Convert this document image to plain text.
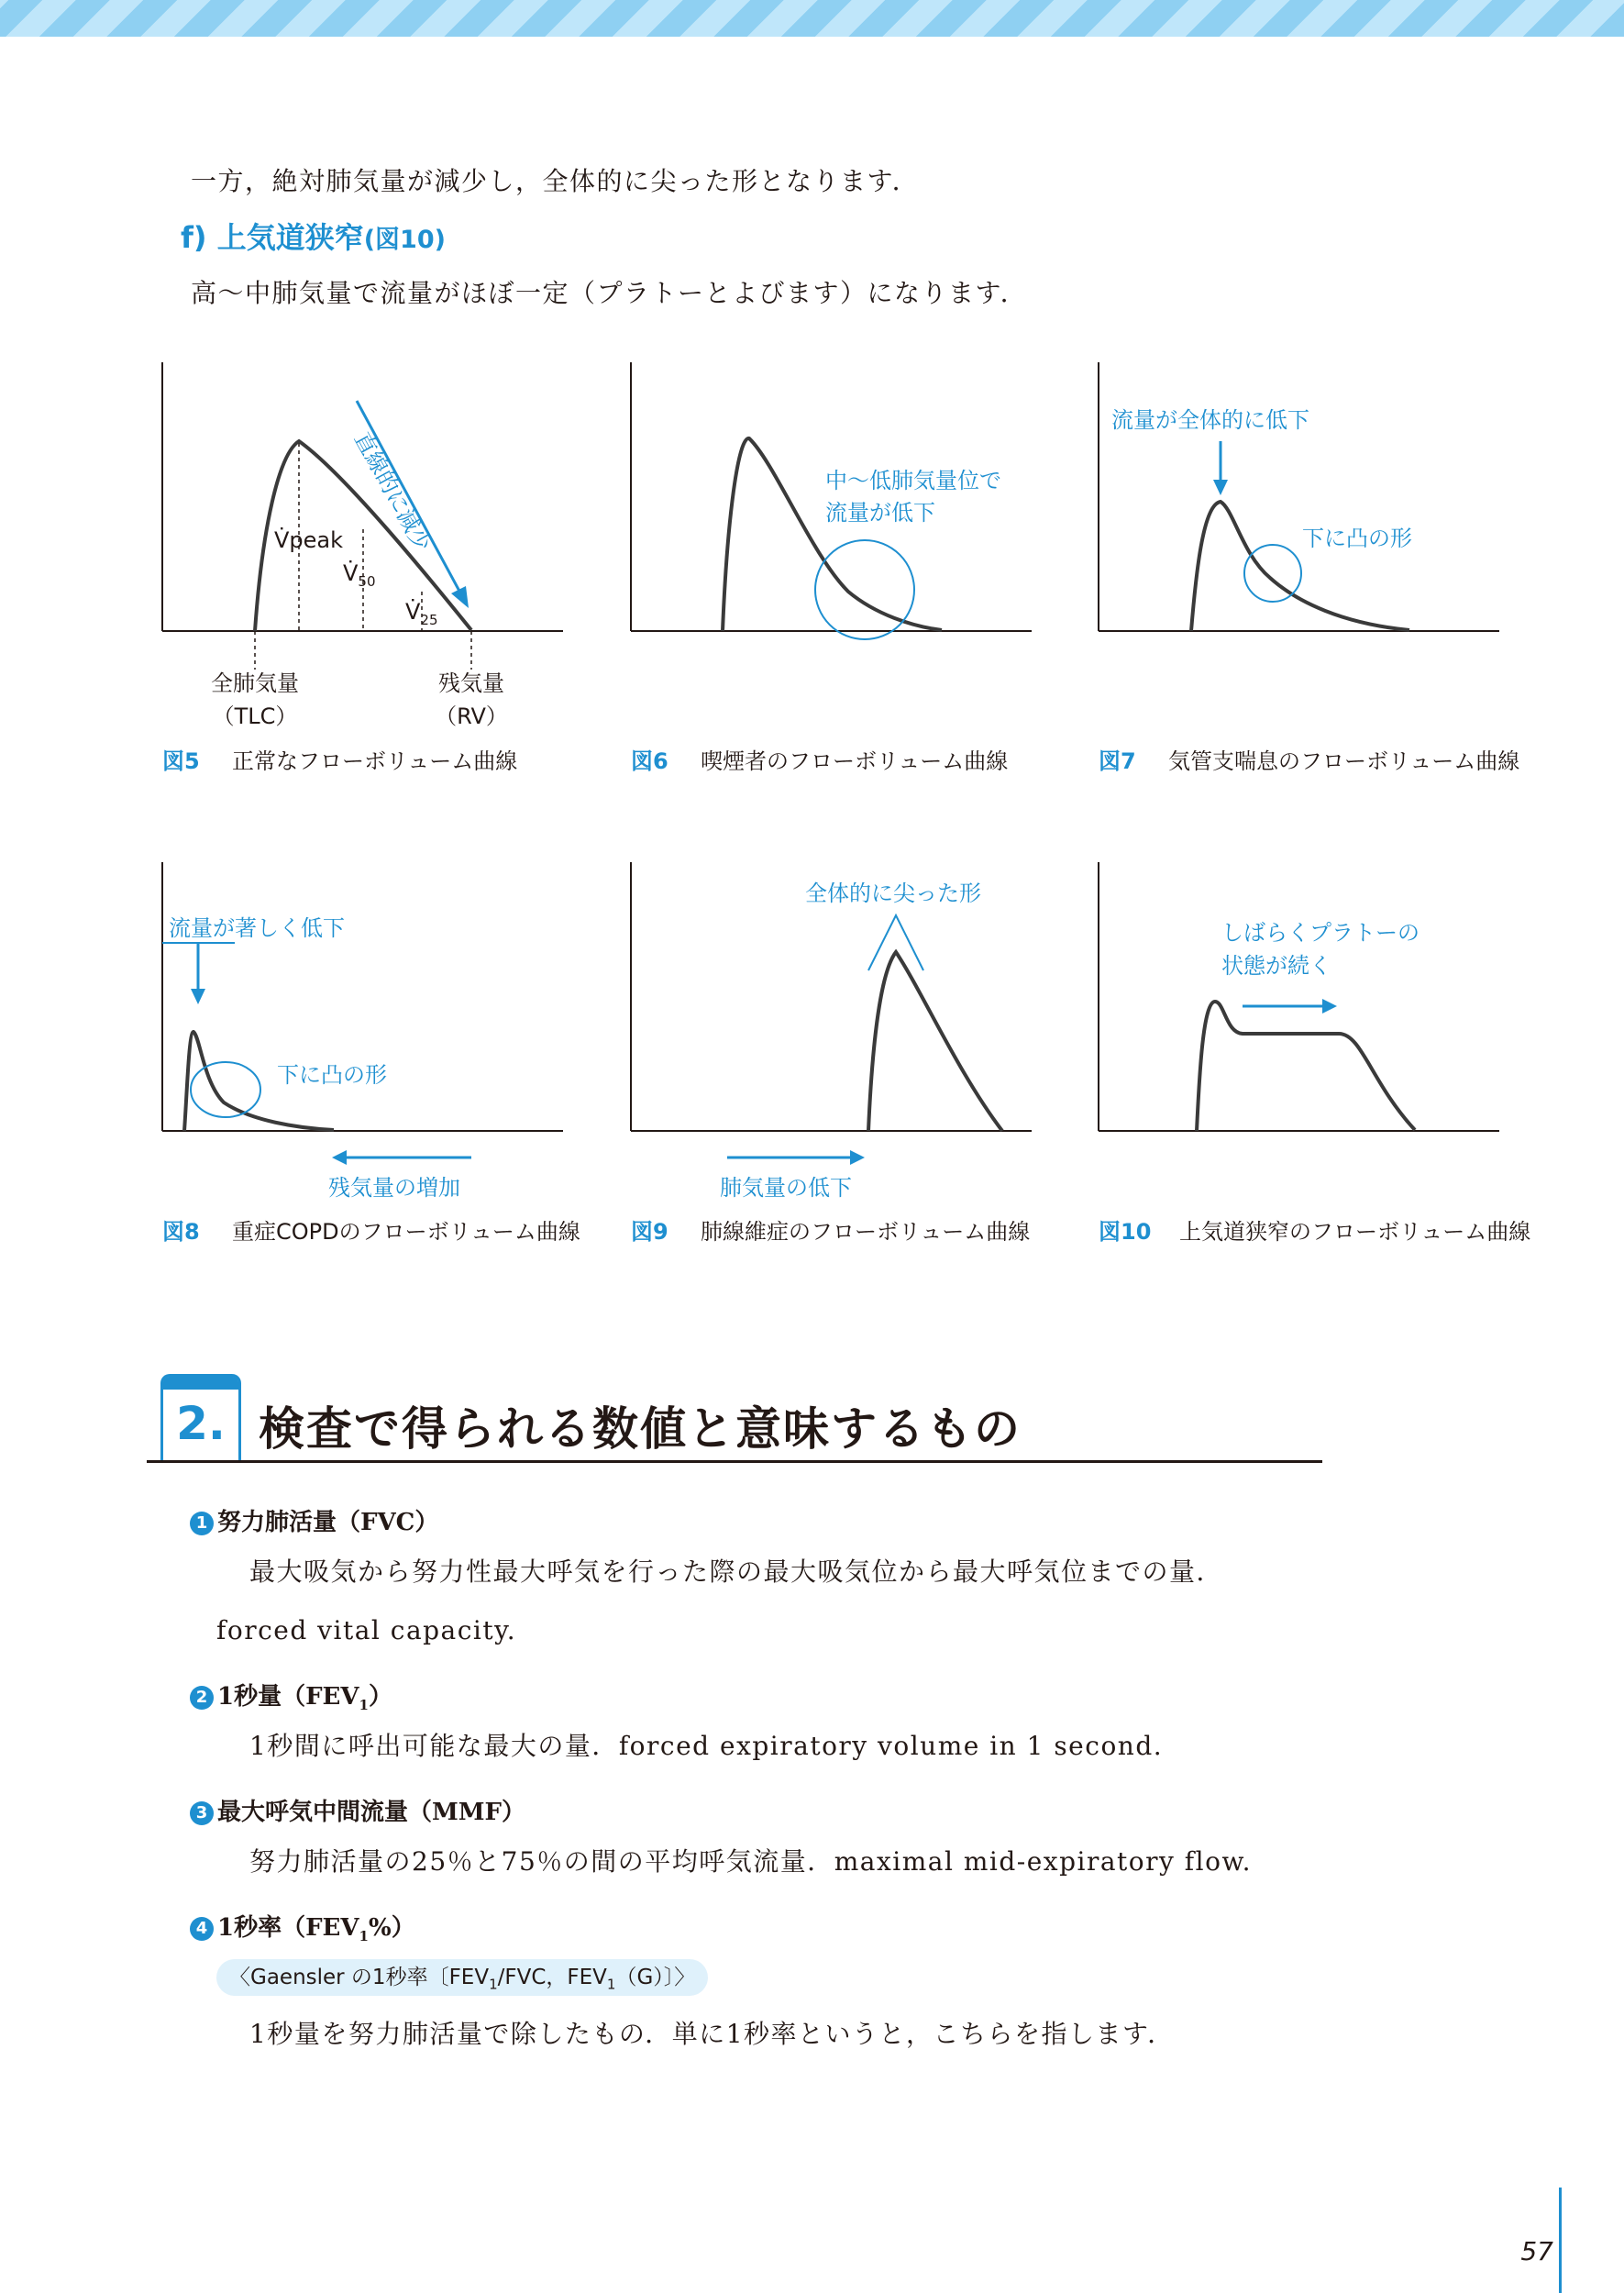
一方，絶対肺気量が減少し，全体的に尖った形となります．
f) 上気道狭窄(図10)
高〜中肺気量で流量がほぼ一定（プラトーとよびます）になります．
直線的に減少
V̇peak
$V̇_{50}$
$V̇_{25}$
全肺気量
（TLC）
残気量
（RV）
図5 正常なフローボリューム曲線
中〜低肺気量位で
流量が低下
図6 喫煙者のフローボリューム曲線
流量が全体的に低下
下に凸の形
図7 気管支喘息のフローボリューム曲線
流量が著しく低下
下に凸の形
残気量の増加
図8 重症COPDのフローボリューム曲線
全体的に尖った形
肺気量の低下
図9 肺線維症のフローボリューム曲線
しばらくプラトーの
状態が続く
図10 上気道狭窄のフローボリューム曲線
2. 検査で得られる数値と意味するもの
1 努力肺活量（FVC）
最大吸気から努力性最大呼気を行った際の最大吸気位から最大呼気位までの量．
forced vital capacity.
2 1秒量$(FEV_1)$
1秒間に呼出可能な最大の量．forced expiratory volume in 1 second.
3 最大呼気中間流量（MMF）
努力肺活量の25％と75％の間の平均呼気流量．maximal mid-expiratory flow.
4 1秒率$(FEV_1\%)$
〈Gaensler の1秒率〔$FEV_1$/FVC，$FEV_1(G)$〕〉
1秒量を努力肺活量で除したもの．単に1秒率というと，こちらを指します．
57
